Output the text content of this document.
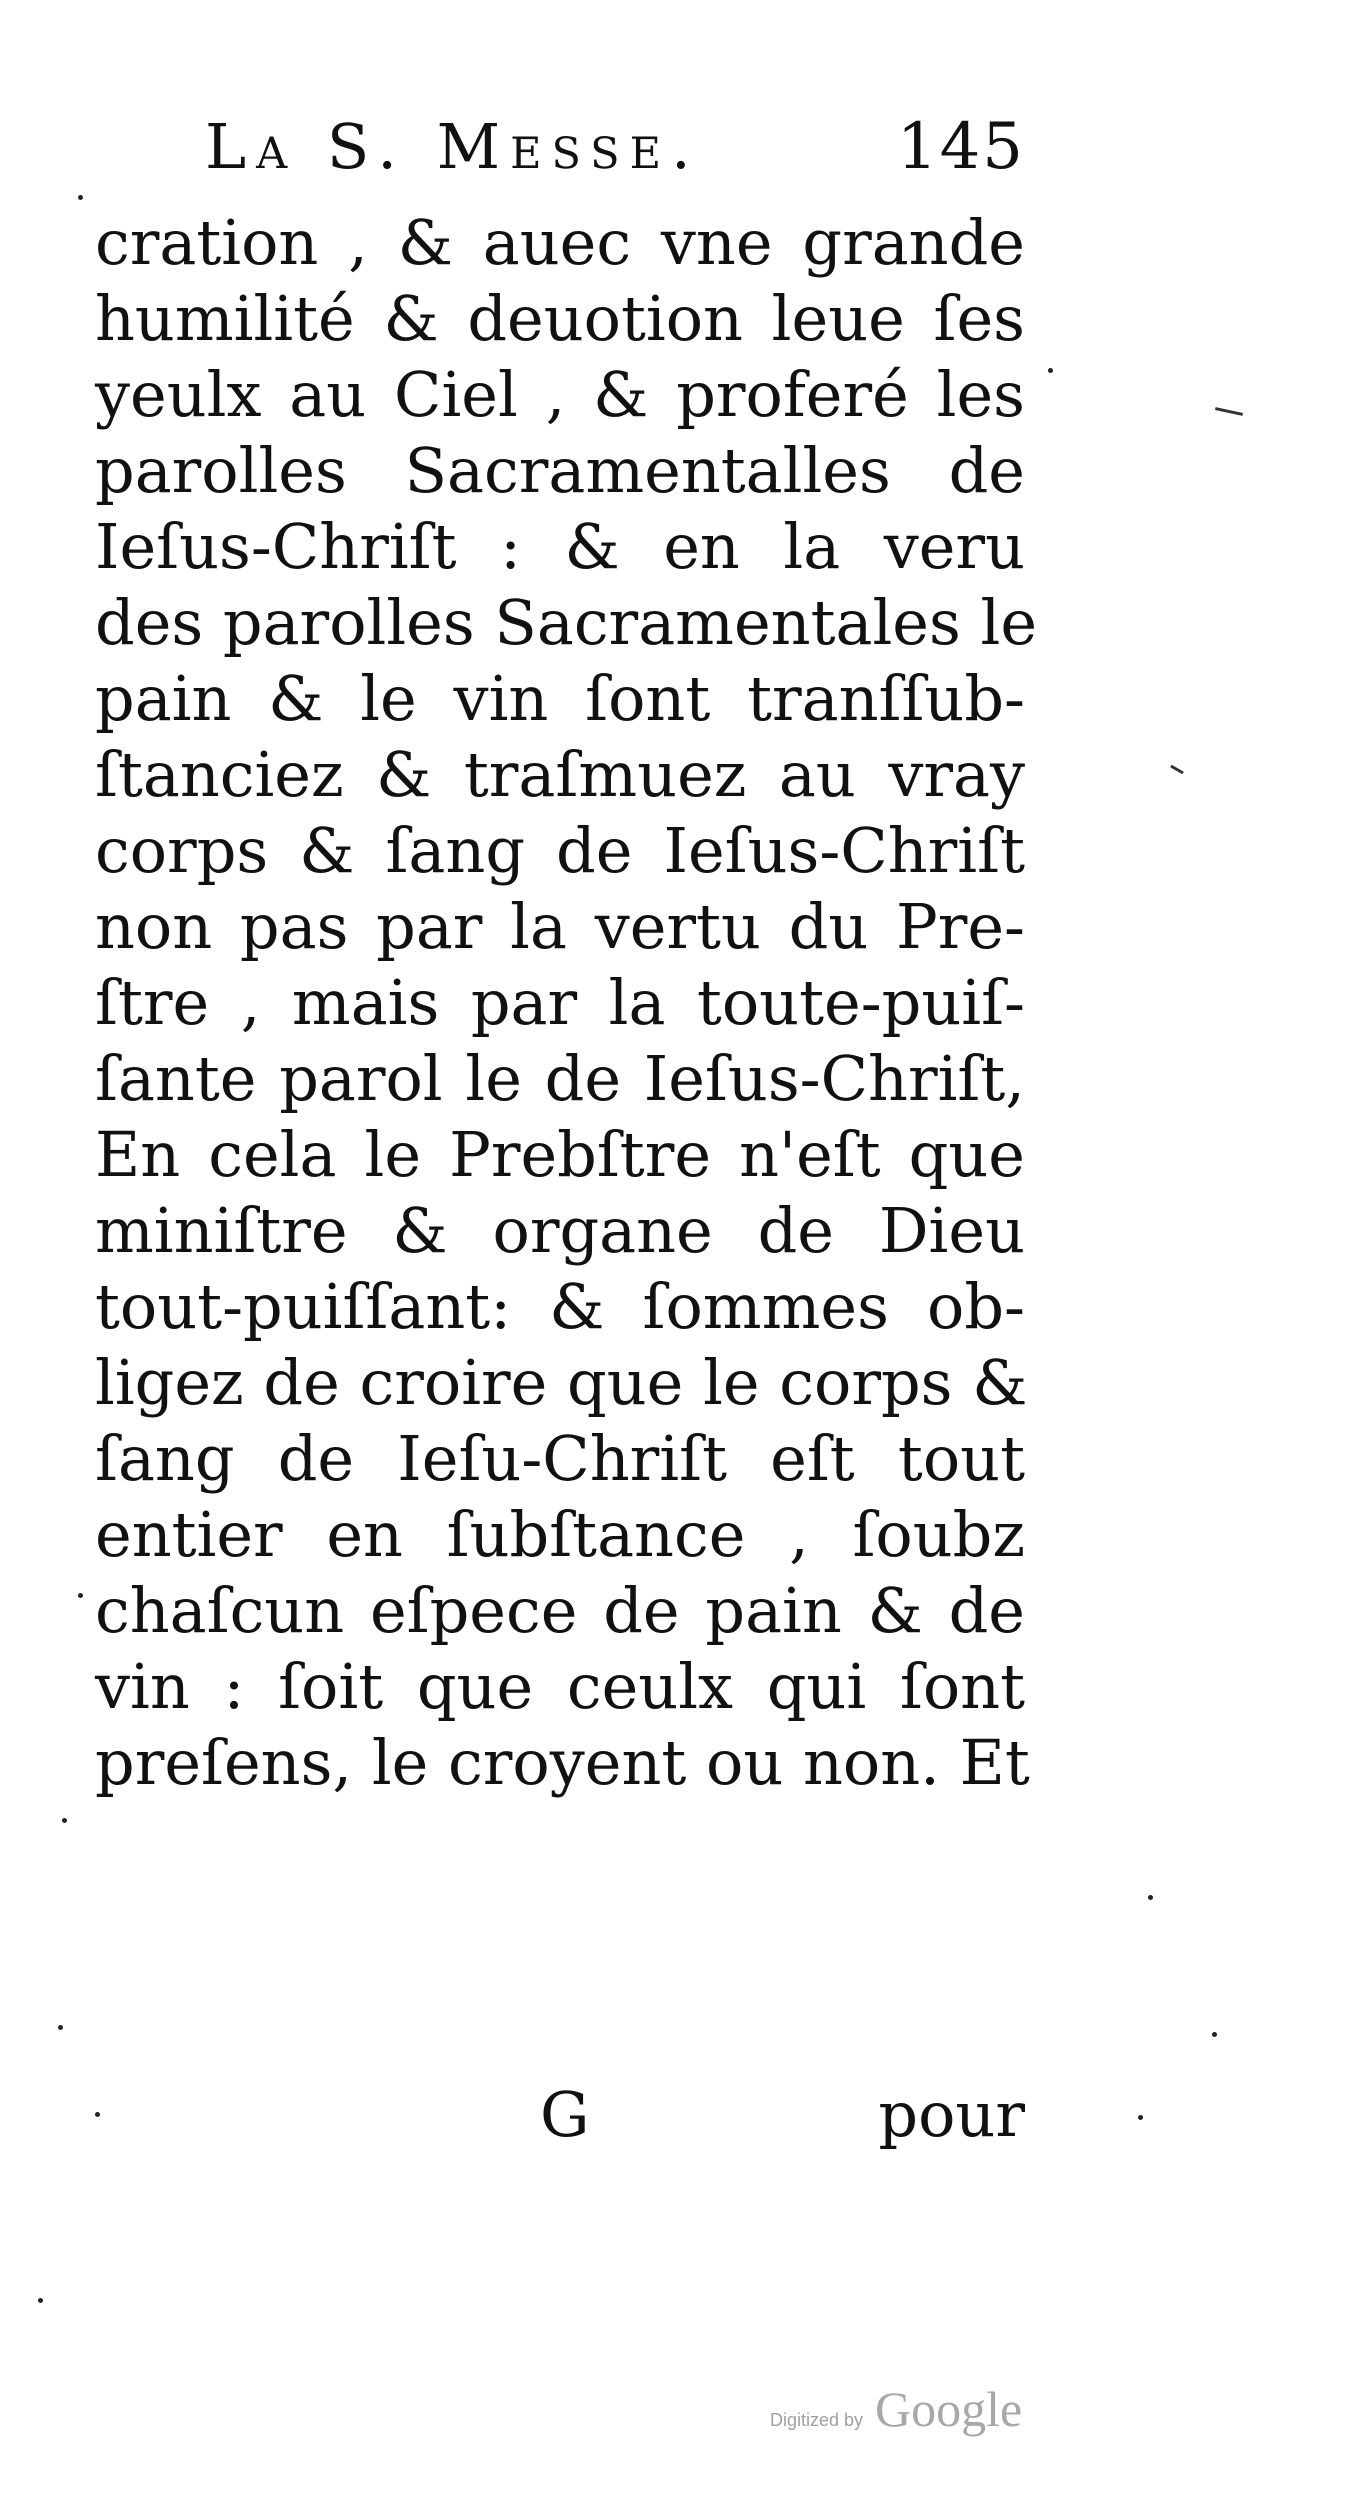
La S. Messe.	145
cration , & auec vne grande
humilité & deuotion leue ſes
yeulx au Ciel , & proferé les
parolles Sacramentalles de
Ieſus-Chriſt : & en la veru
des parolles Sacramentales le
pain & le vin ſont tranſſub-
ſtanciez & traſmuez au vray
corps & ſang de Ieſus-Chriſt
non pas par la vertu du Pre-
ſtre , mais par la toute-puiſ-
ſante parol le de Ieſus-Chriſt,
En cela le Prebſtre n'eſt que
miniſtre & organe de Dieu
tout-puiſſant: & ſommes ob-
ligez de croire que le corps &
ſang de Ieſu-Chriſt eſt tout
entier en ſubſtance , ſoubz
chaſcun eſpece de pain & de
vin : ſoit que ceulx qui ſont
preſens, le croyent ou non. Et
G	pour
Digitized by Google
